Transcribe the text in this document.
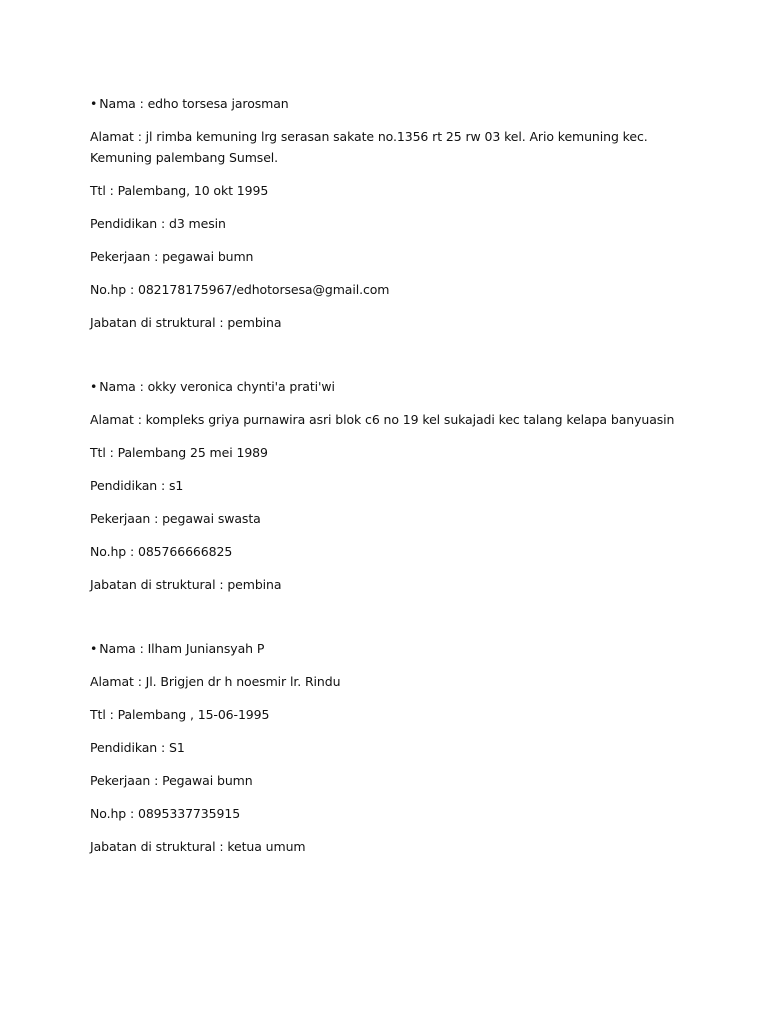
• Nama : edho torsesa jarosman
Alamat : jl rimba kemuning lrg serasan sakate no.1356 rt 25 rw 03 kel. Ario kemuning kec. Kemuning palembang Sumsel.
Ttl : Palembang, 10 okt 1995
Pendidikan : d3 mesin
Pekerjaan : pegawai bumn
No.hp : 082178175967/edhotorsesa@gmail.com
Jabatan di struktural : pembina
• Nama : okky veronica chynti'a prati'wi
Alamat : kompleks griya purnawira asri blok c6 no 19 kel sukajadi kec talang kelapa banyuasin
Ttl : Palembang 25 mei 1989
Pendidikan : s1
Pekerjaan : pegawai swasta
No.hp : 085766666825
Jabatan di struktural : pembina
• Nama : Ilham Juniansyah P
Alamat : Jl. Brigjen dr h noesmir lr. Rindu
Ttl : Palembang , 15-06-1995
Pendidikan : S1
Pekerjaan : Pegawai bumn
No.hp : 0895337735915
Jabatan di struktural : ketua umum
